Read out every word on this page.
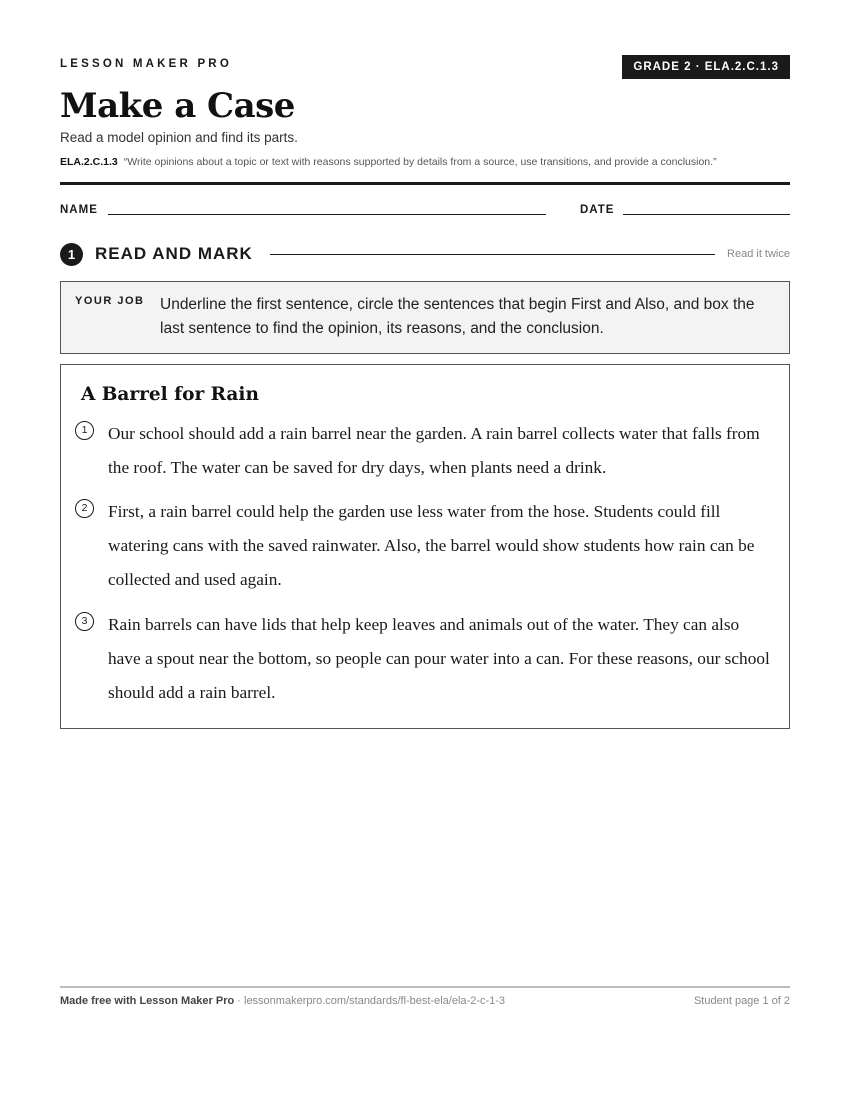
LESSON MAKER PRO	GRADE 2 · ELA.2.C.1.3
Make a Case
Read a model opinion and find its parts.
ELA.2.C.1.3 “Write opinions about a topic or text with reasons supported by details from a source, use transitions, and provide a conclusion.”
NAME	DATE
1	READ AND MARK	Read it twice
YOUR JOB Underline the first sentence, circle the sentences that begin First and Also, and box the last sentence to find the opinion, its reasons, and the conclusion.
A Barrel for Rain
1	Our school should add a rain barrel near the garden. A rain barrel collects water that falls from the roof. The water can be saved for dry days, when plants need a drink.
2	First, a rain barrel could help the garden use less water from the hose. Students could fill watering cans with the saved rainwater. Also, the barrel would show students how rain can be collected and used again.
3	Rain barrels can have lids that help keep leaves and animals out of the water. They can also have a spout near the bottom, so people can pour water into a can. For these reasons, our school should add a rain barrel.
Made free with Lesson Maker Pro · lessonmakerpro.com/standards/fl-best-ela/ela-2-c-1-3	Student page 1 of 2
